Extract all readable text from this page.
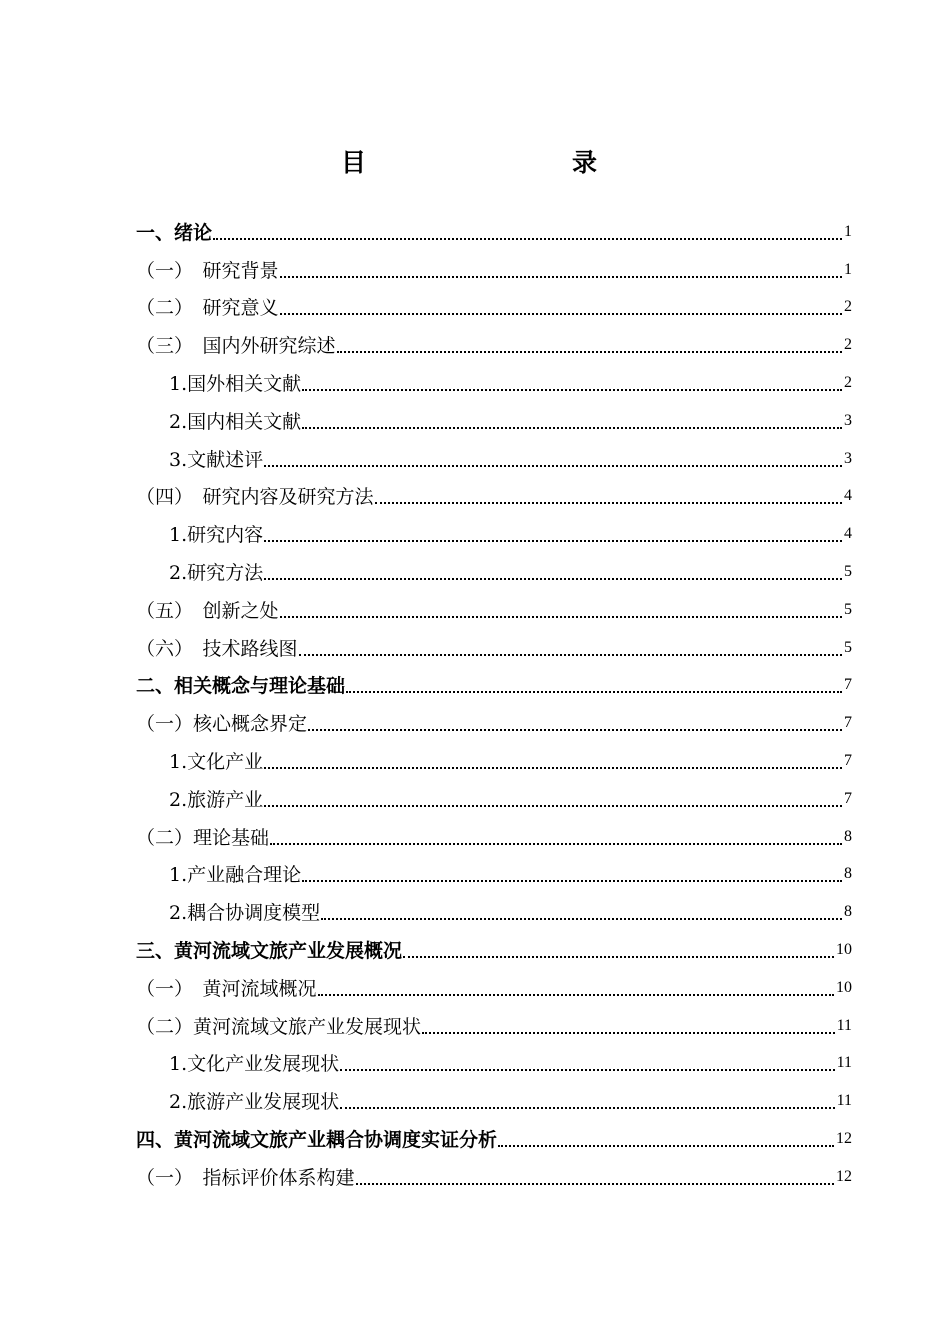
目　　录
一、绪论	1
（一）　研究背景	1
（二）　研究意义	2
（三）　国内外研究综述	2
1.国外相关文献	2
2.国内相关文献	3
3.文献述评	3
（四）　研究内容及研究方法	4
1.研究内容	4
2.研究方法	5
（五）　创新之处	5
（六）　技术路线图	5
二、相关概念与理论基础	7
（一）核心概念界定	7
1.文化产业	7
2.旅游产业	7
（二）理论基础	8
1.产业融合理论	8
2.耦合协调度模型	8
三、黄河流域文旅产业发展概况	10
（一）　黄河流域概况	10
（二）黄河流域文旅产业发展现状	11
1.文化产业发展现状	11
2.旅游产业发展现状	11
四、黄河流域文旅产业耦合协调度实证分析	12
（一）　指标评价体系构建	12
